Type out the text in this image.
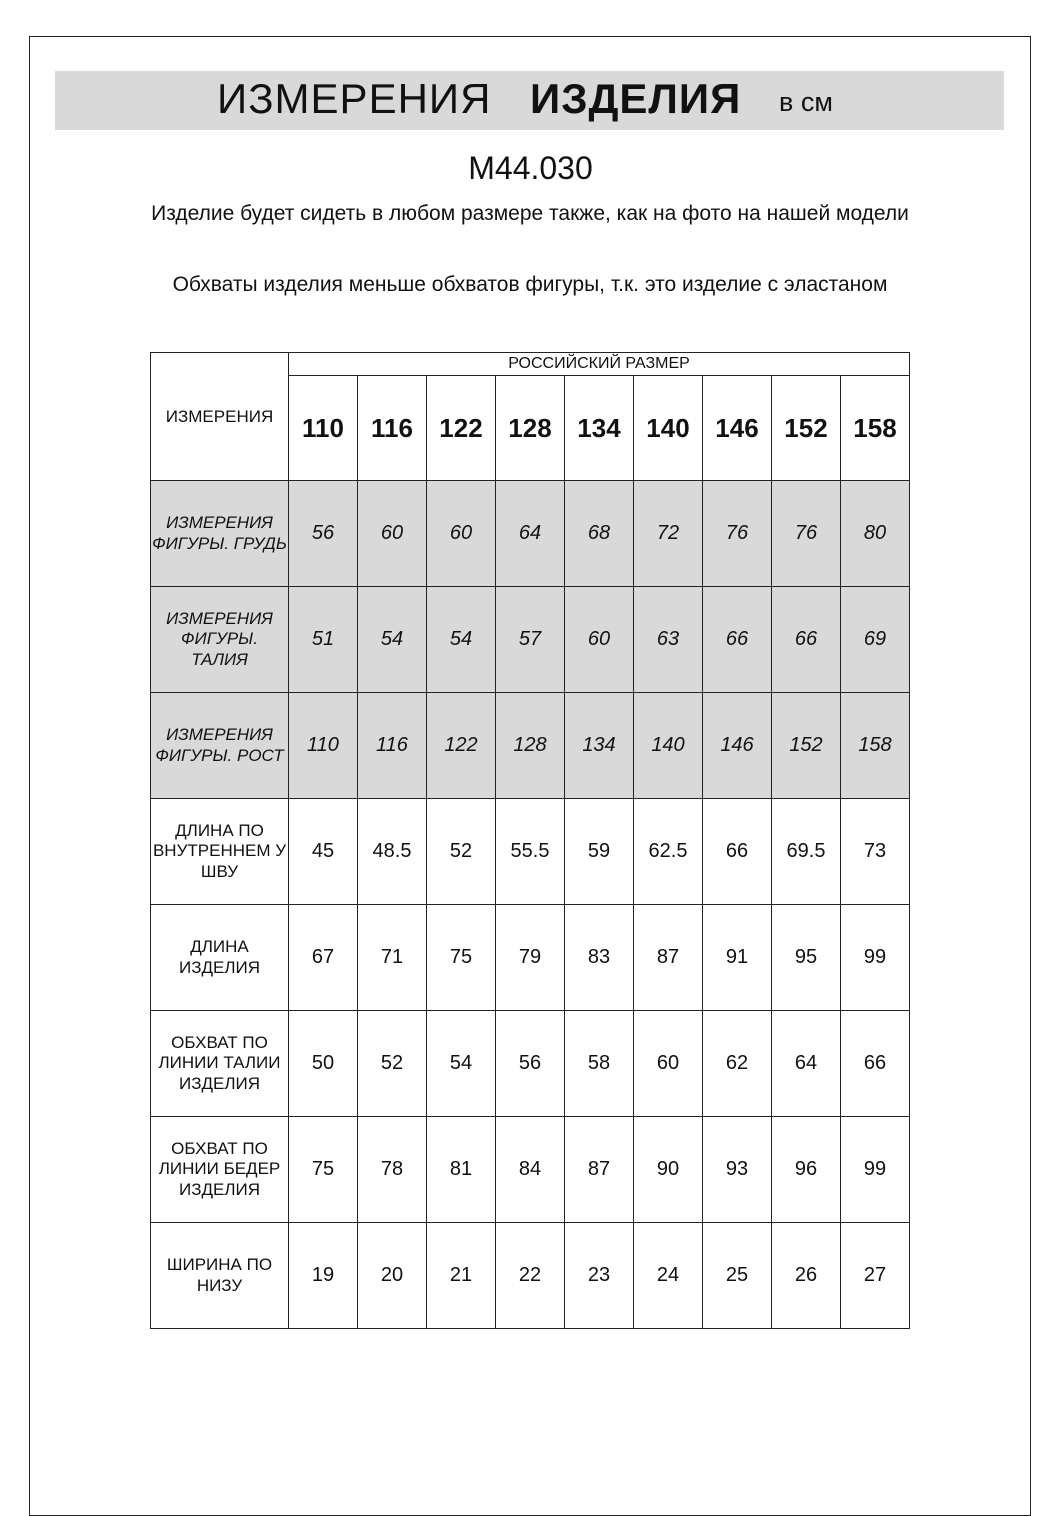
ИЗМЕРЕНИЯ ИЗДЕЛИЯ в см
М44.030
Изделие будет сидеть в любом размере также, как на фото на нашей модели
Обхваты изделия меньше обхватов фигуры, т.к. это изделие с эластаном
ИЗМЕРЕНИЯ	РОССИЙСКИЙ РАЗМЕР
110	116	122	128	134	140	146	152	158
ИЗМЕРЕНИЯ ФИГУРЫ. ГРУДЬ	56	60	60	64	68	72	76	76	80
ИЗМЕРЕНИЯ ФИГУРЫ. ТАЛИЯ	51	54	54	57	60	63	66	66	69
ИЗМЕРЕНИЯ ФИГУРЫ. РОСТ	110	116	122	128	134	140	146	152	158
ДЛИНА ПО ВНУТРЕННЕМ У ШВУ	45	48.5	52	55.5	59	62.5	66	69.5	73
ДЛИНА ИЗДЕЛИЯ	67	71	75	79	83	87	91	95	99
ОБХВАТ ПО ЛИНИИ ТАЛИИ ИЗДЕЛИЯ	50	52	54	56	58	60	62	64	66
ОБХВАТ ПО ЛИНИИ БЕДЕР ИЗДЕЛИЯ	75	78	81	84	87	90	93	96	99
ШИРИНА ПО НИЗУ	19	20	21	22	23	24	25	26	27
